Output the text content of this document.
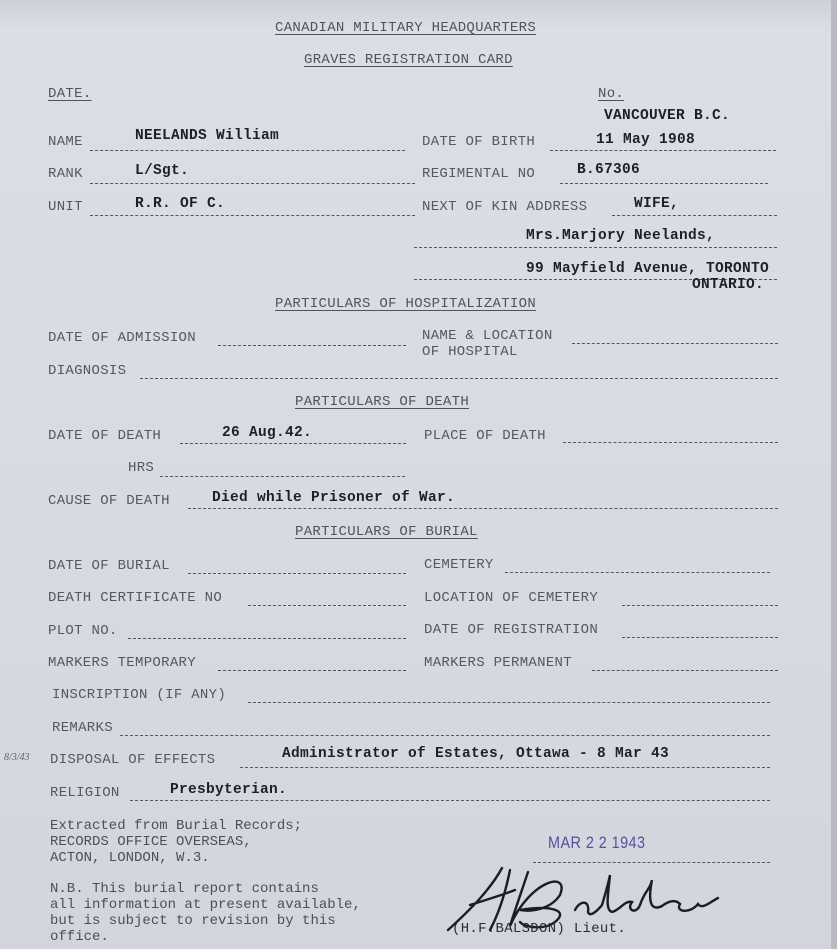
CANADIAN MILITARY HEADQUARTERS
GRAVES REGISTRATION CARD
DATE.	No.
VANCOUVER B.C.
NAME	NEELANDS William	DATE OF BIRTH	11 May 1908
RANK	L/Sgt.	REGIMENTAL NO	B.67306
UNIT	R.R. OF C.	NEXT OF KIN ADDRESS	WIFE,
Mrs.Marjory Neelands,
99 Mayfield Avenue, TORONTO
ONTARIO.
PARTICULARS OF HOSPITALIZATION
DATE OF ADMISSION	NAME & LOCATION
OF HOSPITAL
DIAGNOSIS
PARTICULARS OF DEATH
DATE OF DEATH	26 Aug.42.	PLACE OF DEATH
HRS
CAUSE OF DEATH	Died while Prisoner of War.
PARTICULARS OF BURIAL
DATE OF BURIAL	CEMETERY
DEATH CERTIFICATE NO	LOCATION OF CEMETERY
PLOT NO.	DATE OF REGISTRATION
MARKERS TEMPORARY	MARKERS PERMANENT
INSCRIPTION (IF ANY)
REMARKS
8/3/43 DISPOSAL OF EFFECTS	Administrator of Estates, Ottawa - 8 Mar 43
RELIGION	Presbyterian.
Extracted from Burial Records;
RECORDS OFFICE OVERSEAS,
ACTON, LONDON, W.3.
MAR 2 2 1943
N.B. This burial report contains
all information at present available,
but is subject to revision by this
office.	(H.F.BALSDON) Lieut.
